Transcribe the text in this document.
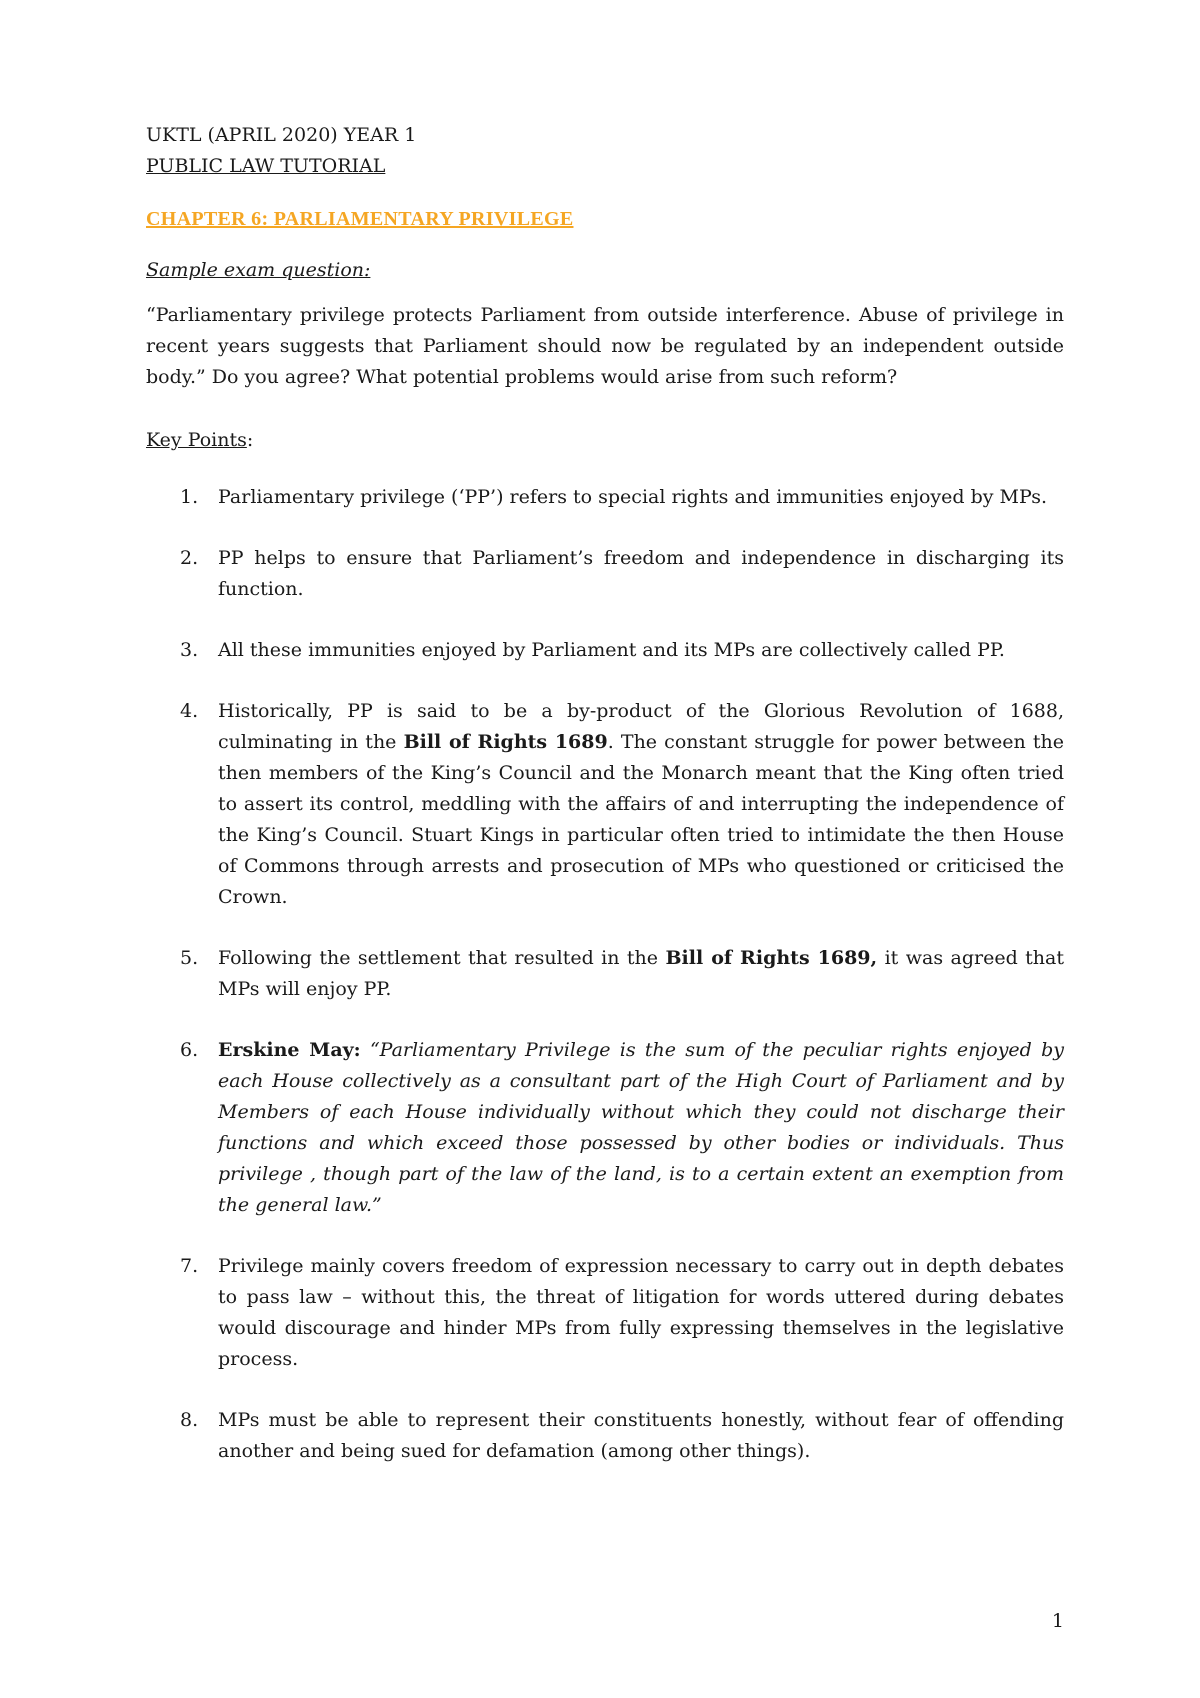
UKTL (APRIL 2020) YEAR 1
PUBLIC LAW TUTORIAL
CHAPTER 6: PARLIAMENTARY PRIVILEGE
Sample exam question:
“Parliamentary privilege protects Parliament from outside interference. Abuse of privilege in recent years suggests that Parliament should now be regulated by an independent outside body.” Do you agree? What potential problems would arise from such reform?
Key Points:
1. Parliamentary privilege (‘PP’) refers to special rights and immunities enjoyed by MPs.
2. PP helps to ensure that Parliament’s freedom and independence in discharging its function.
3. All these immunities enjoyed by Parliament and its MPs are collectively called PP.
4. Historically, PP is said to be a by-product of the Glorious Revolution of 1688, culminating in the Bill of Rights 1689. The constant struggle for power between the then members of the King’s Council and the Monarch meant that the King often tried to assert its control, meddling with the affairs of and interrupting the independence of the King’s Council. Stuart Kings in particular often tried to intimidate the then House of Commons through arrests and prosecution of MPs who questioned or criticised the Crown.
5. Following the settlement that resulted in the Bill of Rights 1689, it was agreed that MPs will enjoy PP.
6. Erskine May: “Parliamentary Privilege is the sum of the peculiar rights enjoyed by each House collectively as a consultant part of the High Court of Parliament and by Members of each House individually without which they could not discharge their functions and which exceed those possessed by other bodies or individuals. Thus privilege , though part of the law of the land, is to a certain extent an exemption from the general law.”
7. Privilege mainly covers freedom of expression necessary to carry out in depth debates to pass law – without this, the threat of litigation for words uttered during debates would discourage and hinder MPs from fully expressing themselves in the legislative process.
8. MPs must be able to represent their constituents honestly, without fear of offending another and being sued for defamation (among other things).
1
